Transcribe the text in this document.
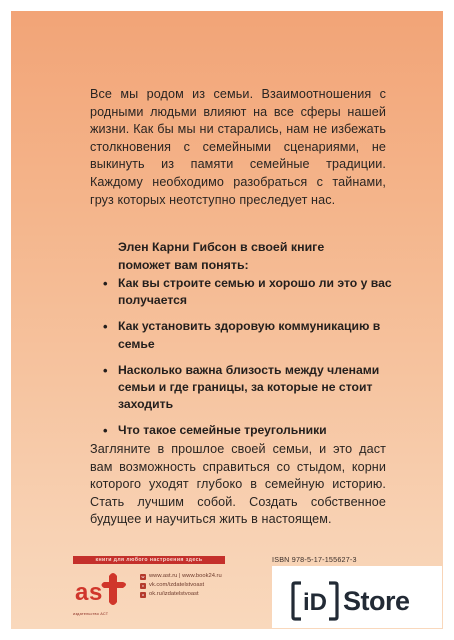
Все мы родом из семьи. Взаимоотношения с родными людьми влияют на все сферы нашей жизни. Как бы мы ни старались, нам не избежать столкновения с семейными сценариями, не выкинуть из памяти семейные традиции. Каждому необходимо разобраться с тайнами, груз которых неотступно преследует нас.
Элен Карни Гибсон в своей книге поможет вам понять:
• Как вы строите семью и хорошо ли это у вас получается
• Как установить здоровую коммуникацию в семье
• Насколько важна близость между членами семьи и где границы, за которые не стоит заходить
• Что такое семейные треугольники
Загляните в прошлое своей семьи, и это даст вам возможность справиться со стыдом, корни которого уходят глубоко в семейную историю. Стать лучшим собой. Создать собственное будущее и научиться жить в настоящем.
книги для любого настроения здесь	ISBN 978-5-17-155627-3
a s
издательство АСТ
w www.ast.ru | www.book24.ru
v vk.com/izdatelstvoast
o ok.ru/izdatelstvoast	iD Store
